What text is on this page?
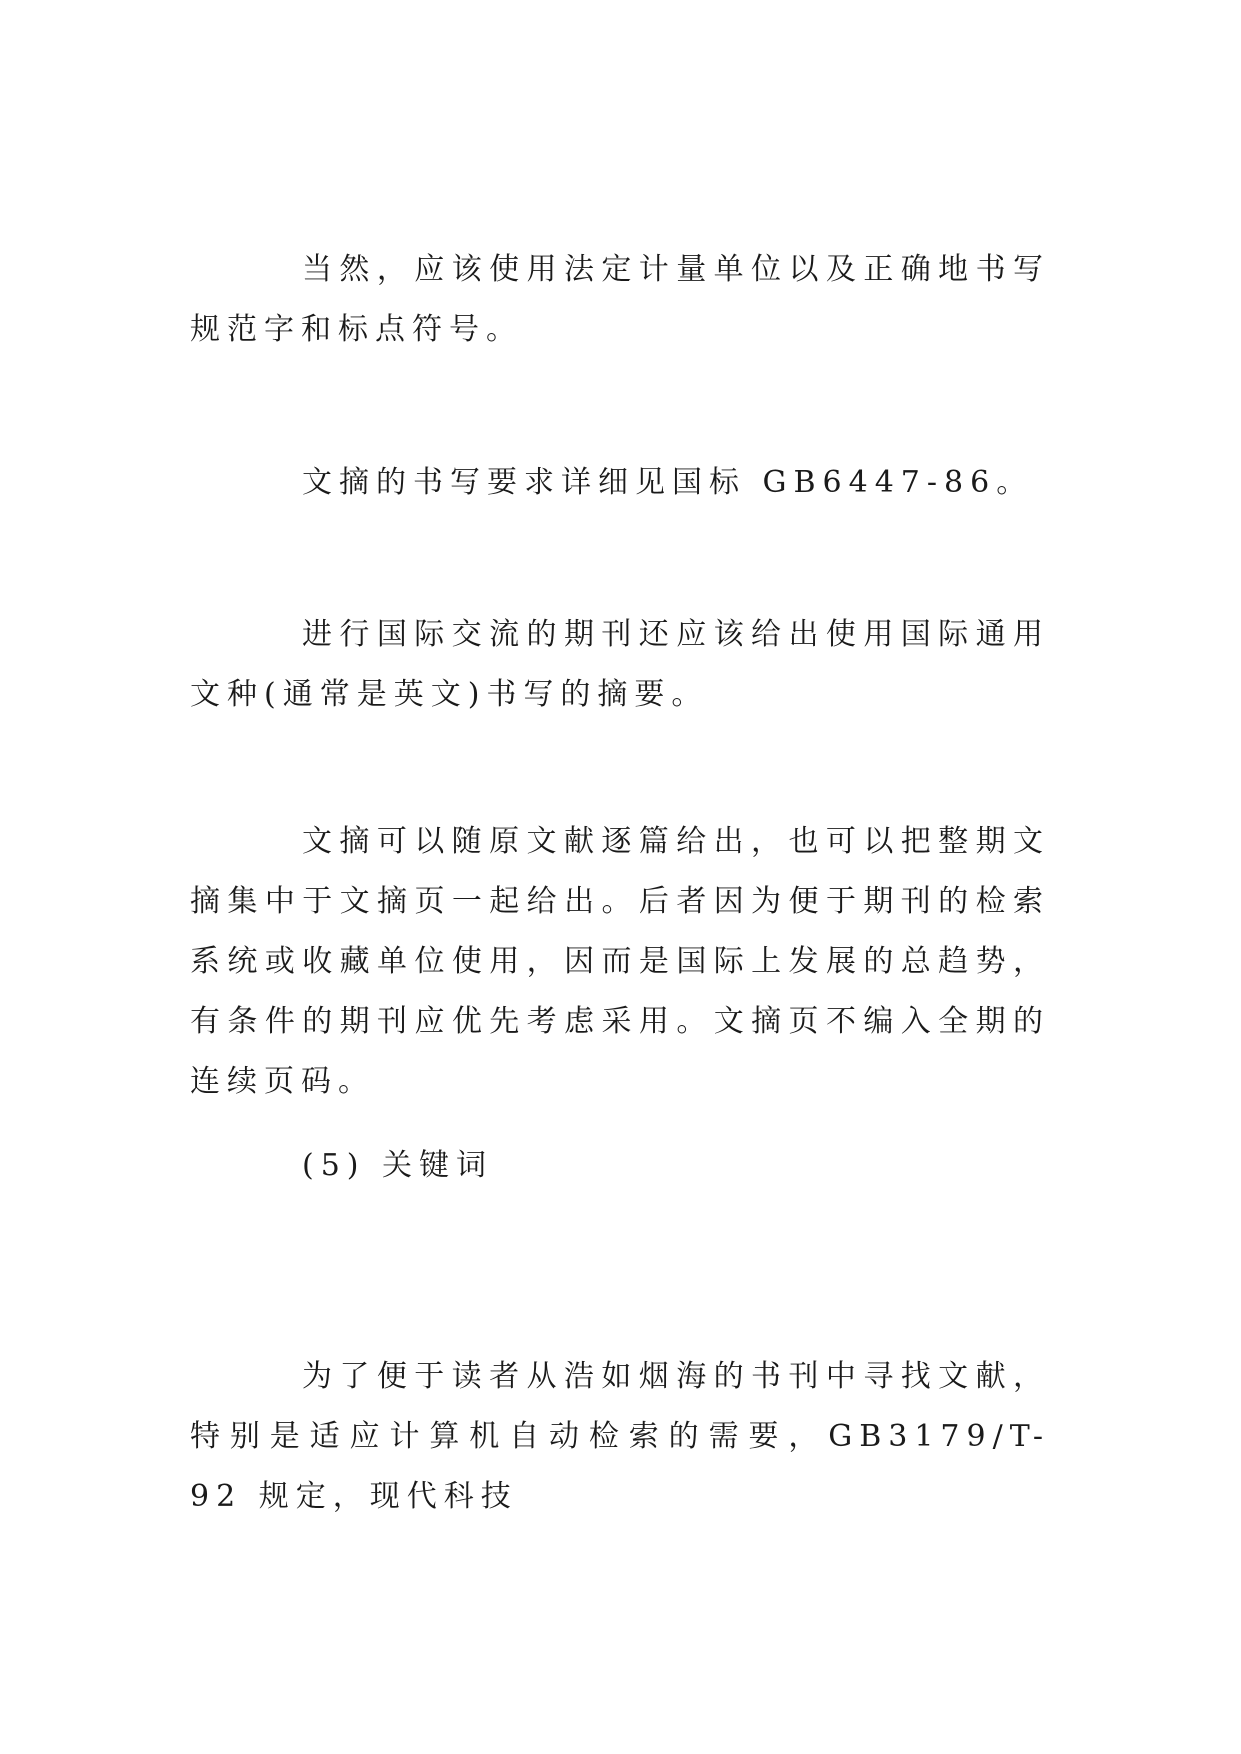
当然，应该使用法定计量单位以及正确地书写规范字和标点符号。

文摘的书写要求详细见国标 GB6447-86。

进行国际交流的期刊还应该给出使用国际通用文种(通常是英文)书写的摘要。

文摘可以随原文献逐篇给出，也可以把整期文摘集中于文摘页一起给出。后者因为便于期刊的检索系统或收藏单位使用，因而是国际上发展的总趋势，有条件的期刊应优先考虑采用。文摘页不编入全期的连续页码。

(5) 关键词

为了便于读者从浩如烟海的书刊中寻找文献，特别是适应计算机自动检索的需要，GB3179/T-92 规定，现代科技
